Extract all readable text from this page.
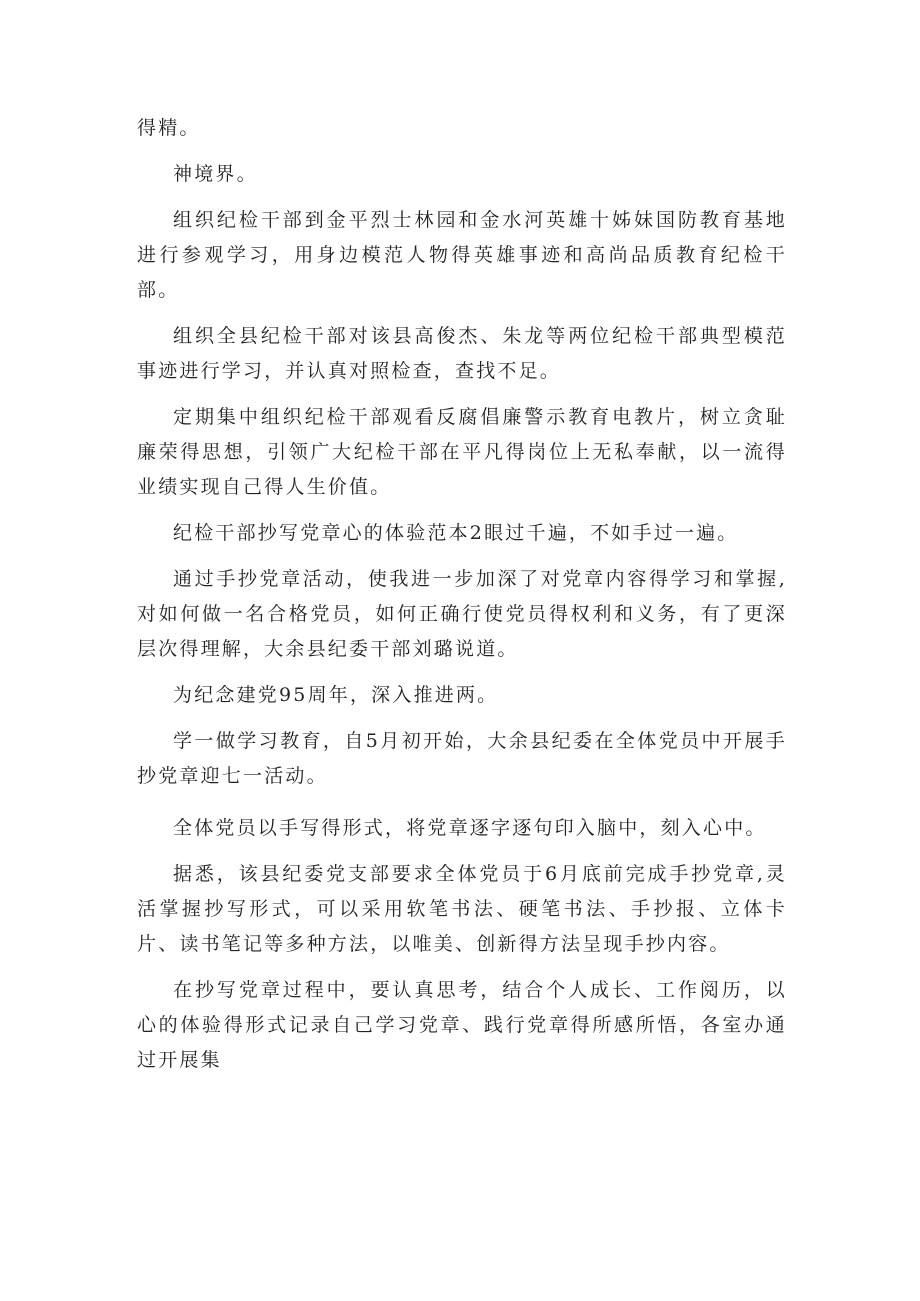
得精。

神境界。

组织纪检干部到金平烈士林园和金水河英雄十姊妹国防教育基地进行参观学习，用身边模范人物得英雄事迹和高尚品质教育纪检干部。

组织全县纪检干部对该县高俊杰、朱龙等两位纪检干部典型模范事迹进行学习，并认真对照检查，查找不足。

定期集中组织纪检干部观看反腐倡廉警示教育电教片，树立贪耻廉荣得思想，引领广大纪检干部在平凡得岗位上无私奉献，以一流得业绩实现自己得人生价值。

纪检干部抄写党章心的体验范本2眼过千遍，不如手过一遍。

通过手抄党章活动，使我进一步加深了对党章内容得学习和掌握,对如何做一名合格党员，如何正确行使党员得权利和义务，有了更深层次得理解，大余县纪委干部刘璐说道。

为纪念建党95周年，深入推进两。

学一做学习教育，自5月初开始，大余县纪委在全体党员中开展手抄党章迎七一活动。

全体党员以手写得形式，将党章逐字逐句印入脑中，刻入心中。

据悉，该县纪委党支部要求全体党员于6月底前完成手抄党章,灵活掌握抄写形式，可以采用软笔书法、硬笔书法、手抄报、立体卡片、读书笔记等多种方法，以唯美、创新得方法呈现手抄内容。

在抄写党章过程中，要认真思考，结合个人成长、工作阅历，以心的体验得形式记录自己学习党章、践行党章得所感所悟，各室办通过开展集
